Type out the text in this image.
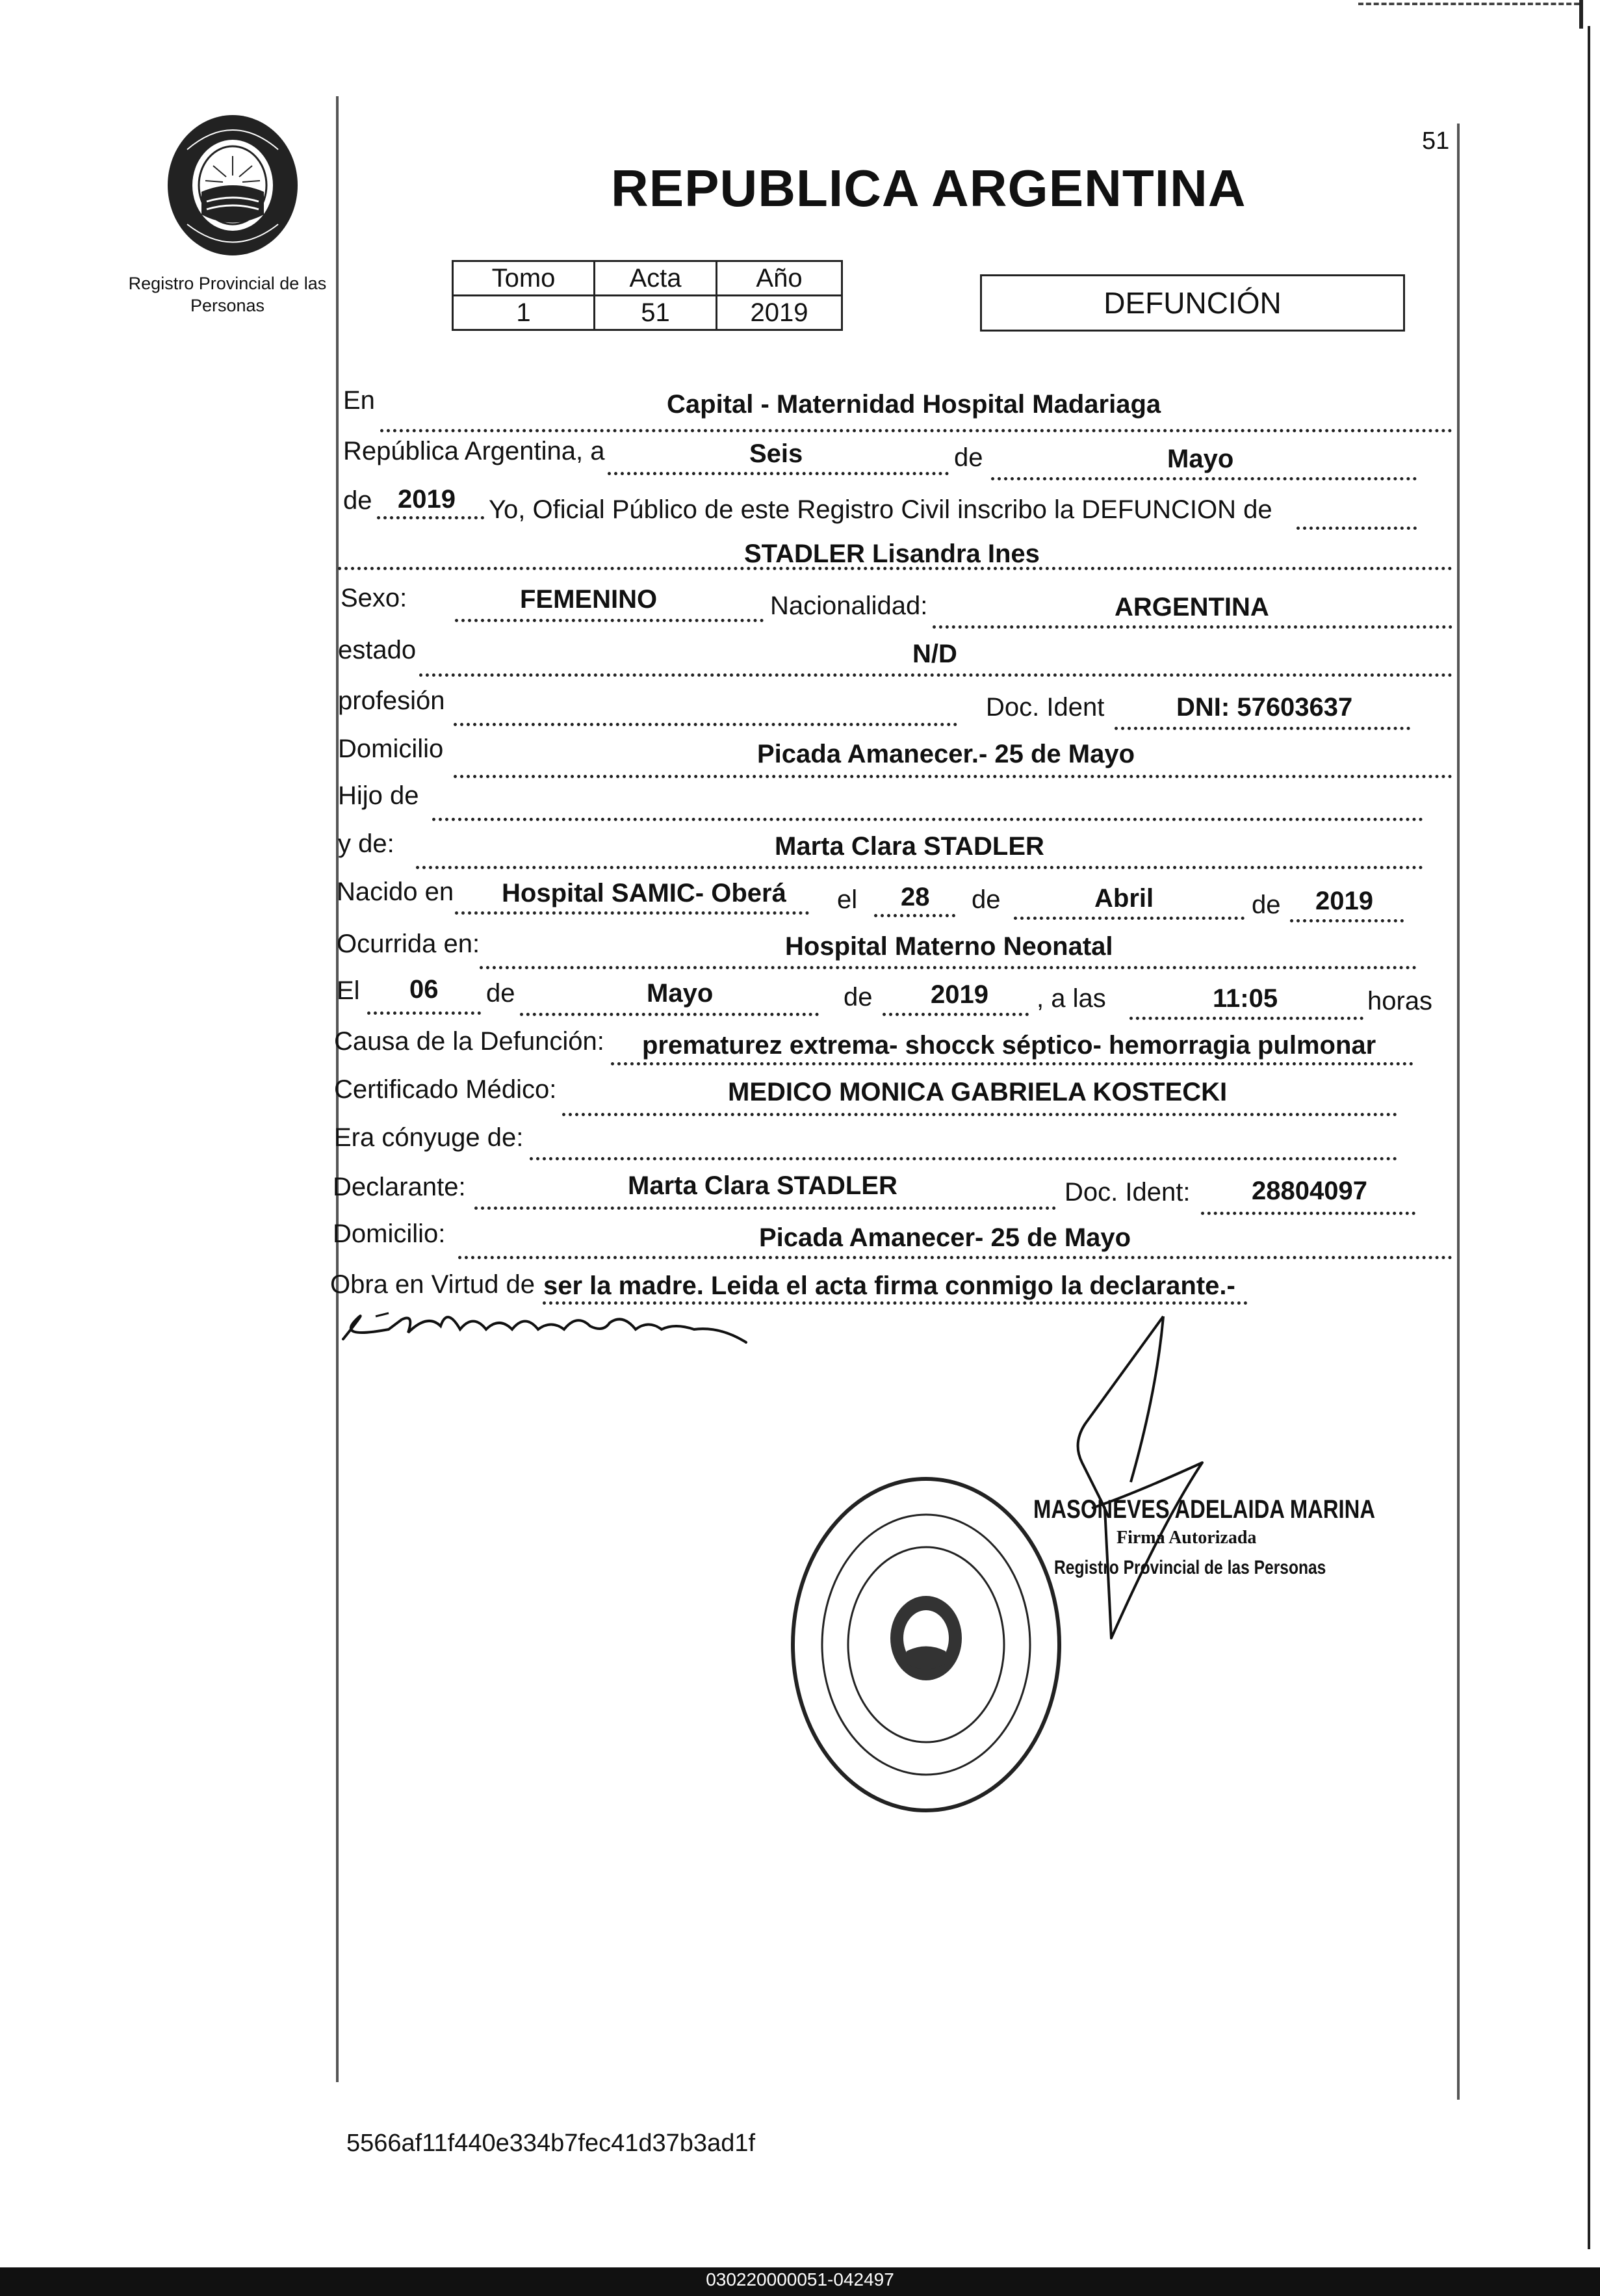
Registro Provincial de las Personas
51
REPUBLICA ARGENTINA
Tomo	Acta	Año
1	51	2019	DEFUNCIÓN
En	Capital - Maternidad Hospital Madariaga
República Argentina, a	Seis	de	Mayo
de 2019 Yo, Oficial Público de este Registro Civil inscribo la DEFUNCION de
STADLER Lisandra Ines
Sexo:	FEMENINO	Nacionalidad:	ARGENTINA
estado	N/D
profesión	Doc. Ident	DNI: 57603637
Domicilio	Picada Amanecer.- 25 de Mayo
Hijo de
y de:	Marta Clara STADLER
Nacido en Hospital SAMIC- Oberá el 28 de	Abril	de 2019
Ocurrida en:	Hospital Materno Neonatal
El 06 de	Mayo	de 2019 , a las	11:05	horas
Causa de la Defunción: prematurez extrema- shocck séptico- hemorragia pulmonar
Certificado Médico:	MEDICO MONICA GABRIELA KOSTECKI
Era cónyuge de:
Declarante:	Marta Clara STADLER	Doc. Ident: 28804097
Domicilio:	Picada Amanecer- 25 de Mayo
Obra en Virtud de ser la madre. Leida el acta firma conmigo la declarante.-
MASONEVES ADELAIDA MARINA
Firma Autorizada
Registro Provincial de las Personas
5566af11f440e334b7fec41d37b3ad1f
030220000051-042497
